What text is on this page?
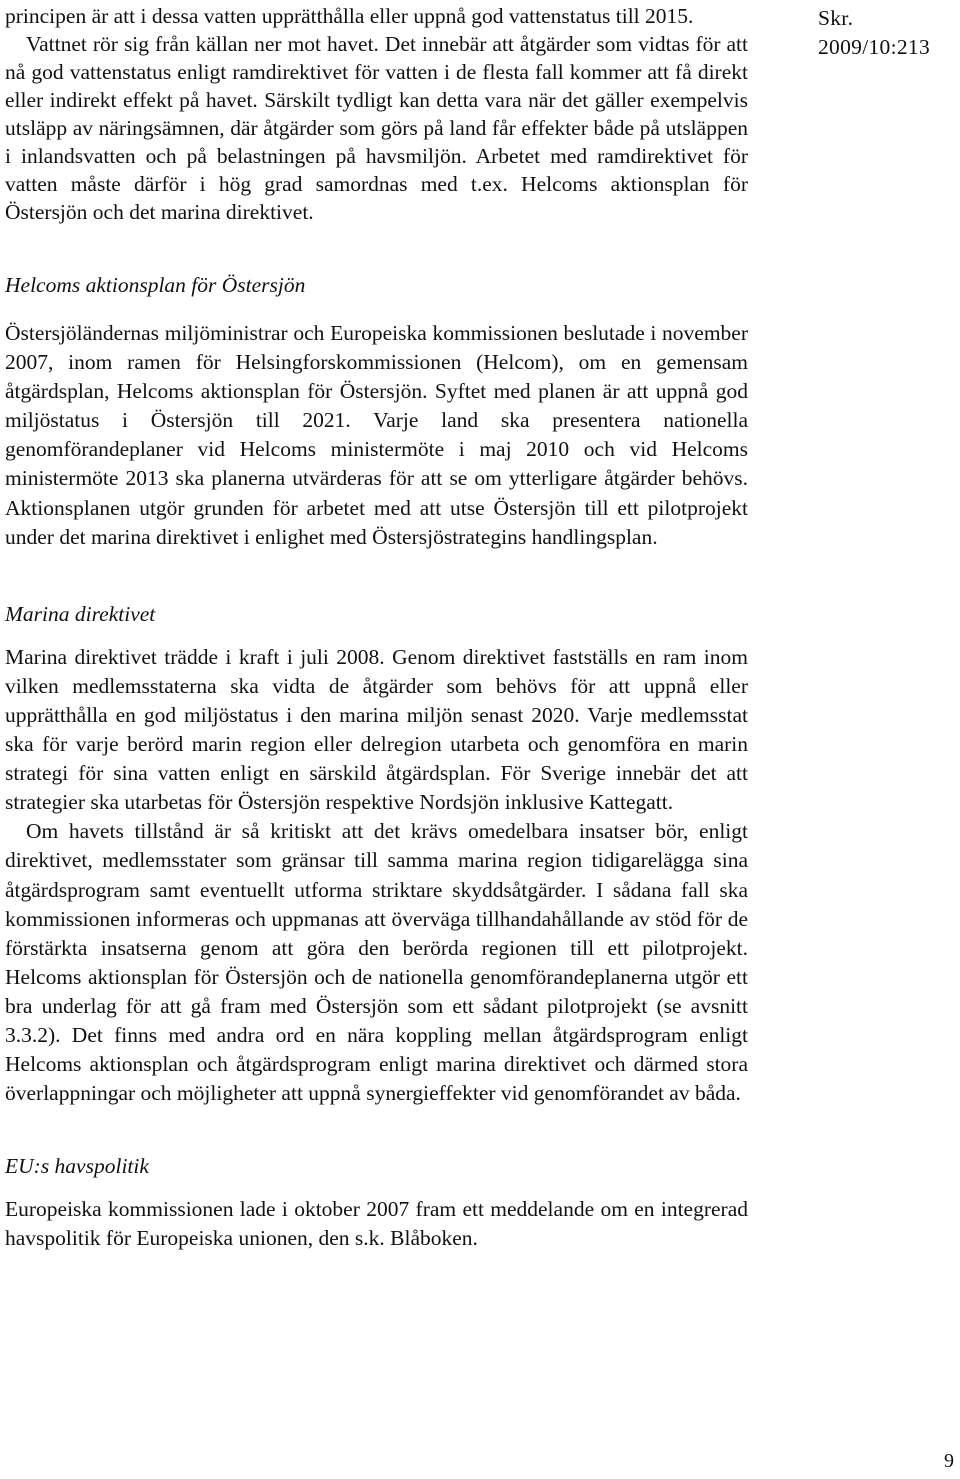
Skr. 2009/10:213

principen är att i dessa vatten upprätthålla eller uppnå god vattenstatus till 2015.

Vattnet rör sig från källan ner mot havet. Det innebär att åtgärder som vidtas för att nå god vattenstatus enligt ramdirektivet för vatten i de flesta fall kommer att få direkt eller indirekt effekt på havet. Särskilt tydligt kan detta vara när det gäller exempelvis utsläpp av näringsämnen, där åtgärder som görs på land får effekter både på utsläppen i inlandsvatten och på belastningen på havsmiljön. Arbetet med ramdirektivet för vatten måste därför i hög grad samordnas med t.ex. Helcoms aktionsplan för Östersjön och det marina direktivet.

Helcoms aktionsplan för Östersjön

Östersjöländernas miljöministrar och Europeiska kommissionen beslutade i november 2007, inom ramen för Helsingforskommissionen (Helcom), om en gemensam åtgärdsplan, Helcoms aktionsplan för Östersjön. Syftet med planen är att uppnå god miljöstatus i Östersjön till 2021. Varje land ska presentera nationella genomförandeplaner vid Helcoms ministermöte i maj 2010 och vid Helcoms ministermöte 2013 ska planerna utvärderas för att se om ytterligare åtgärder behövs. Aktionsplanen utgör grunden för arbetet med att utse Östersjön till ett pilotprojekt under det marina direktivet i enlighet med Östersjöstrategins handlingsplan.

Marina direktivet

Marina direktivet trädde i kraft i juli 2008. Genom direktivet fastställs en ram inom vilken medlemsstaterna ska vidta de åtgärder som behövs för att uppnå eller upprätthålla en god miljöstatus i den marina miljön senast 2020. Varje medlemsstat ska för varje berörd marin region eller delregion utarbeta och genomföra en marin strategi för sina vatten enligt en särskild åtgärdsplan. För Sverige innebär det att strategier ska utarbetas för Östersjön respektive Nordsjön inklusive Kattegatt.

Om havets tillstånd är så kritiskt att det krävs omedelbara insatser bör, enligt direktivet, medlemsstater som gränsar till samma marina region tidigarelägga sina åtgärdsprogram samt eventuellt utforma striktare skyddsåtgärder. I sådana fall ska kommissionen informeras och uppmanas att överväga tillhandahållande av stöd för de förstärkta insatserna genom att göra den berörda regionen till ett pilotprojekt. Helcoms aktionsplan för Östersjön och de nationella genomförandeplanerna utgör ett bra underlag för att gå fram med Östersjön som ett sådant pilotprojekt (se avsnitt 3.3.2). Det finns med andra ord en nära koppling mellan åtgärdsprogram enligt Helcoms aktionsplan och åtgärdsprogram enligt marina direktivet och därmed stora överlappningar och möjligheter att uppnå synergieffekter vid genomförandet av båda.

EU:s havspolitik

Europeiska kommissionen lade i oktober 2007 fram ett meddelande om en integrerad havspolitik för Europeiska unionen, den s.k. Blåboken.

9
